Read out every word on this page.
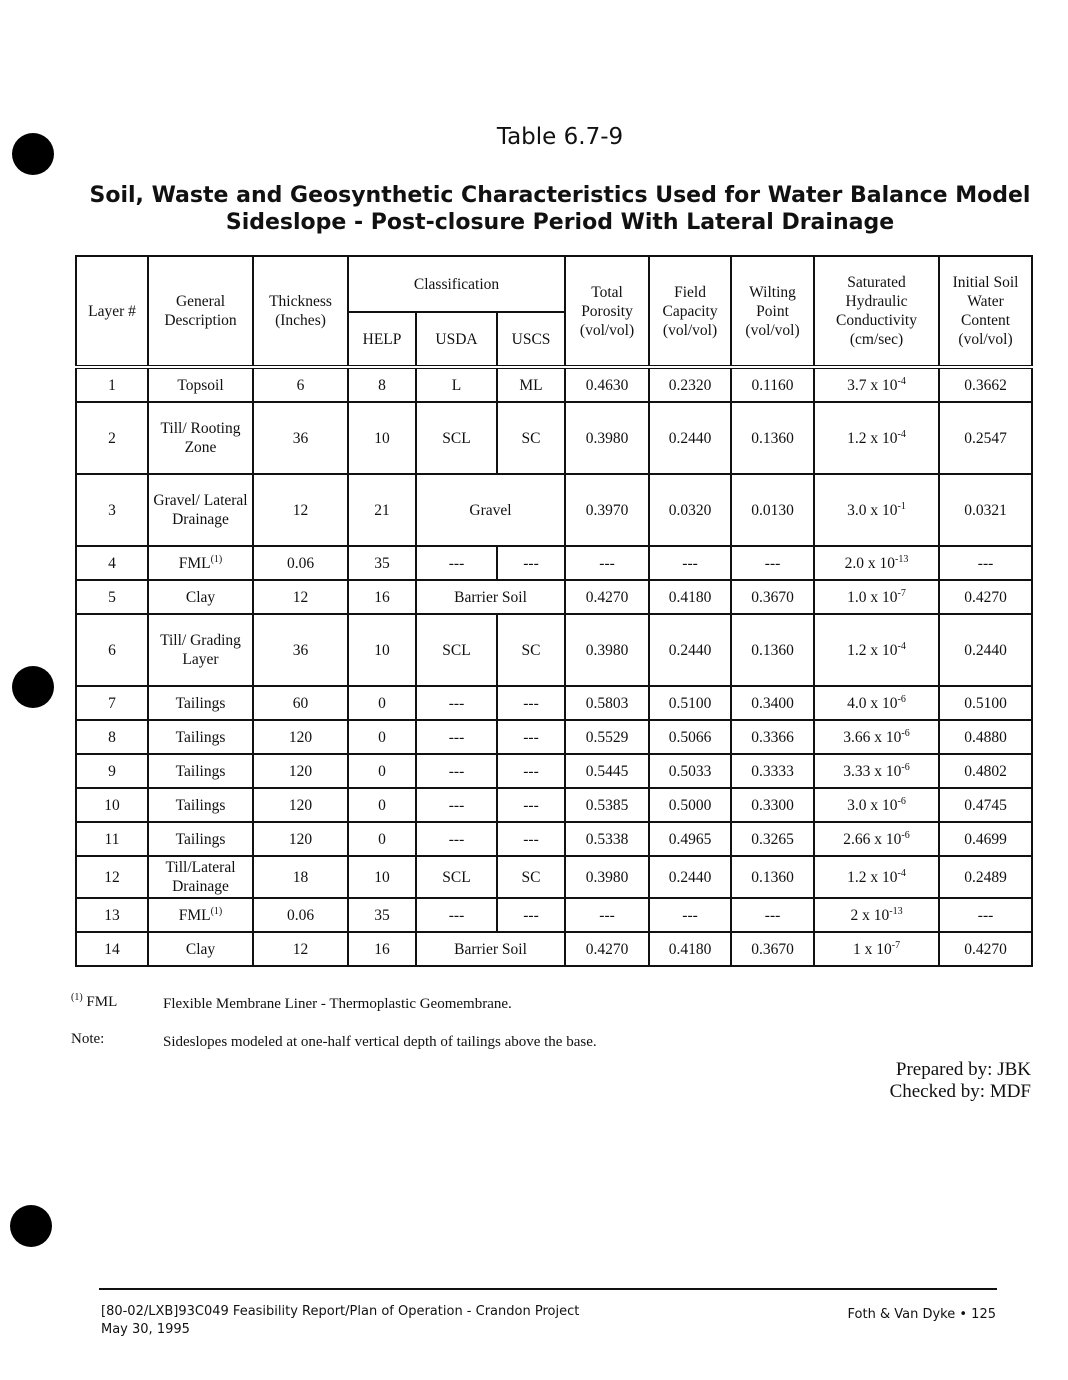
Table 6.7-9
Soil, Waste and Geosynthetic Characteristics Used for Water Balance Model
Sideslope - Post-closure Period With Lateral Drainage
Layer #	General Description	Thickness (Inches)	Classification			Total Porosity (vol/vol)	Field Capacity (vol/vol)	Wilting Point (vol/vol)	Saturated Hydraulic Conductivity (cm/sec)	Initial Soil Water Content (vol/vol)
			HELP	USDA	USCS					
1	Topsoil	6	8	L	ML	0.4630	0.2320	0.1160	3.7 x $10^{-4}$	0.3662
2	Till/ Rooting Zone	36	10	SCL	SC	0.3980	0.2440	0.1360	1.2 x $10^{-4}$	0.2547
3	Gravel/ Lateral Drainage	12	21	Gravel		0.3970	0.0320	0.0130	3.0 x $10^{-1}$	0.0321
4	FML$^{(1)}$	0.06	35	---	---	---	---	---	2.0 x $10^{-13}$	---
5	Clay	12	16	Barrier Soil		0.4270	0.4180	0.3670	1.0 x $10^{-7}$	0.4270
6	Till/ Grading Layer	36	10	SCL	SC	0.3980	0.2440	0.1360	1.2 x $10^{-4}$	0.2440
7	Tailings	60	0	---	---	0.5803	0.5100	0.3400	4.0 x $10^{-6}$	0.5100
8	Tailings	120	0	---	---	0.5529	0.5066	0.3366	3.66 x $10^{-6}$	0.4880
9	Tailings	120	0	---	---	0.5445	0.5033	0.3333	3.33 x $10^{-6}$	0.4802
10	Tailings	120	0	---	---	0.5385	0.5000	0.3300	3.0 x $10^{-6}$	0.4745
11	Tailings	120	0	---	---	0.5338	0.4965	0.3265	2.66 x $10^{-6}$	0.4699
12	Till/Lateral Drainage	18	10	SCL	SC	0.3980	0.2440	0.1360	1.2 x $10^{-4}$	0.2489
13	FML$^{(1)}$	0.06	35	---	---	---	---	---	2 x $10^{-13}$	---
14	Clay	12	16	Barrier Soil		0.4270	0.4180	0.3670	1 x $10^{-7}$	0.4270
$^{(1)}$ FML	Flexible Membrane Liner - Thermoplastic Geomembrane.
Note:	Sideslopes modeled at one-half vertical depth of tailings above the base.
Prepared by: JBK
Checked by: MDF
[80-02/LXB]93C049 Feasibility Report/Plan of Operation - Crandon Project
May 30, 1995
Foth & Van Dyke • 125
